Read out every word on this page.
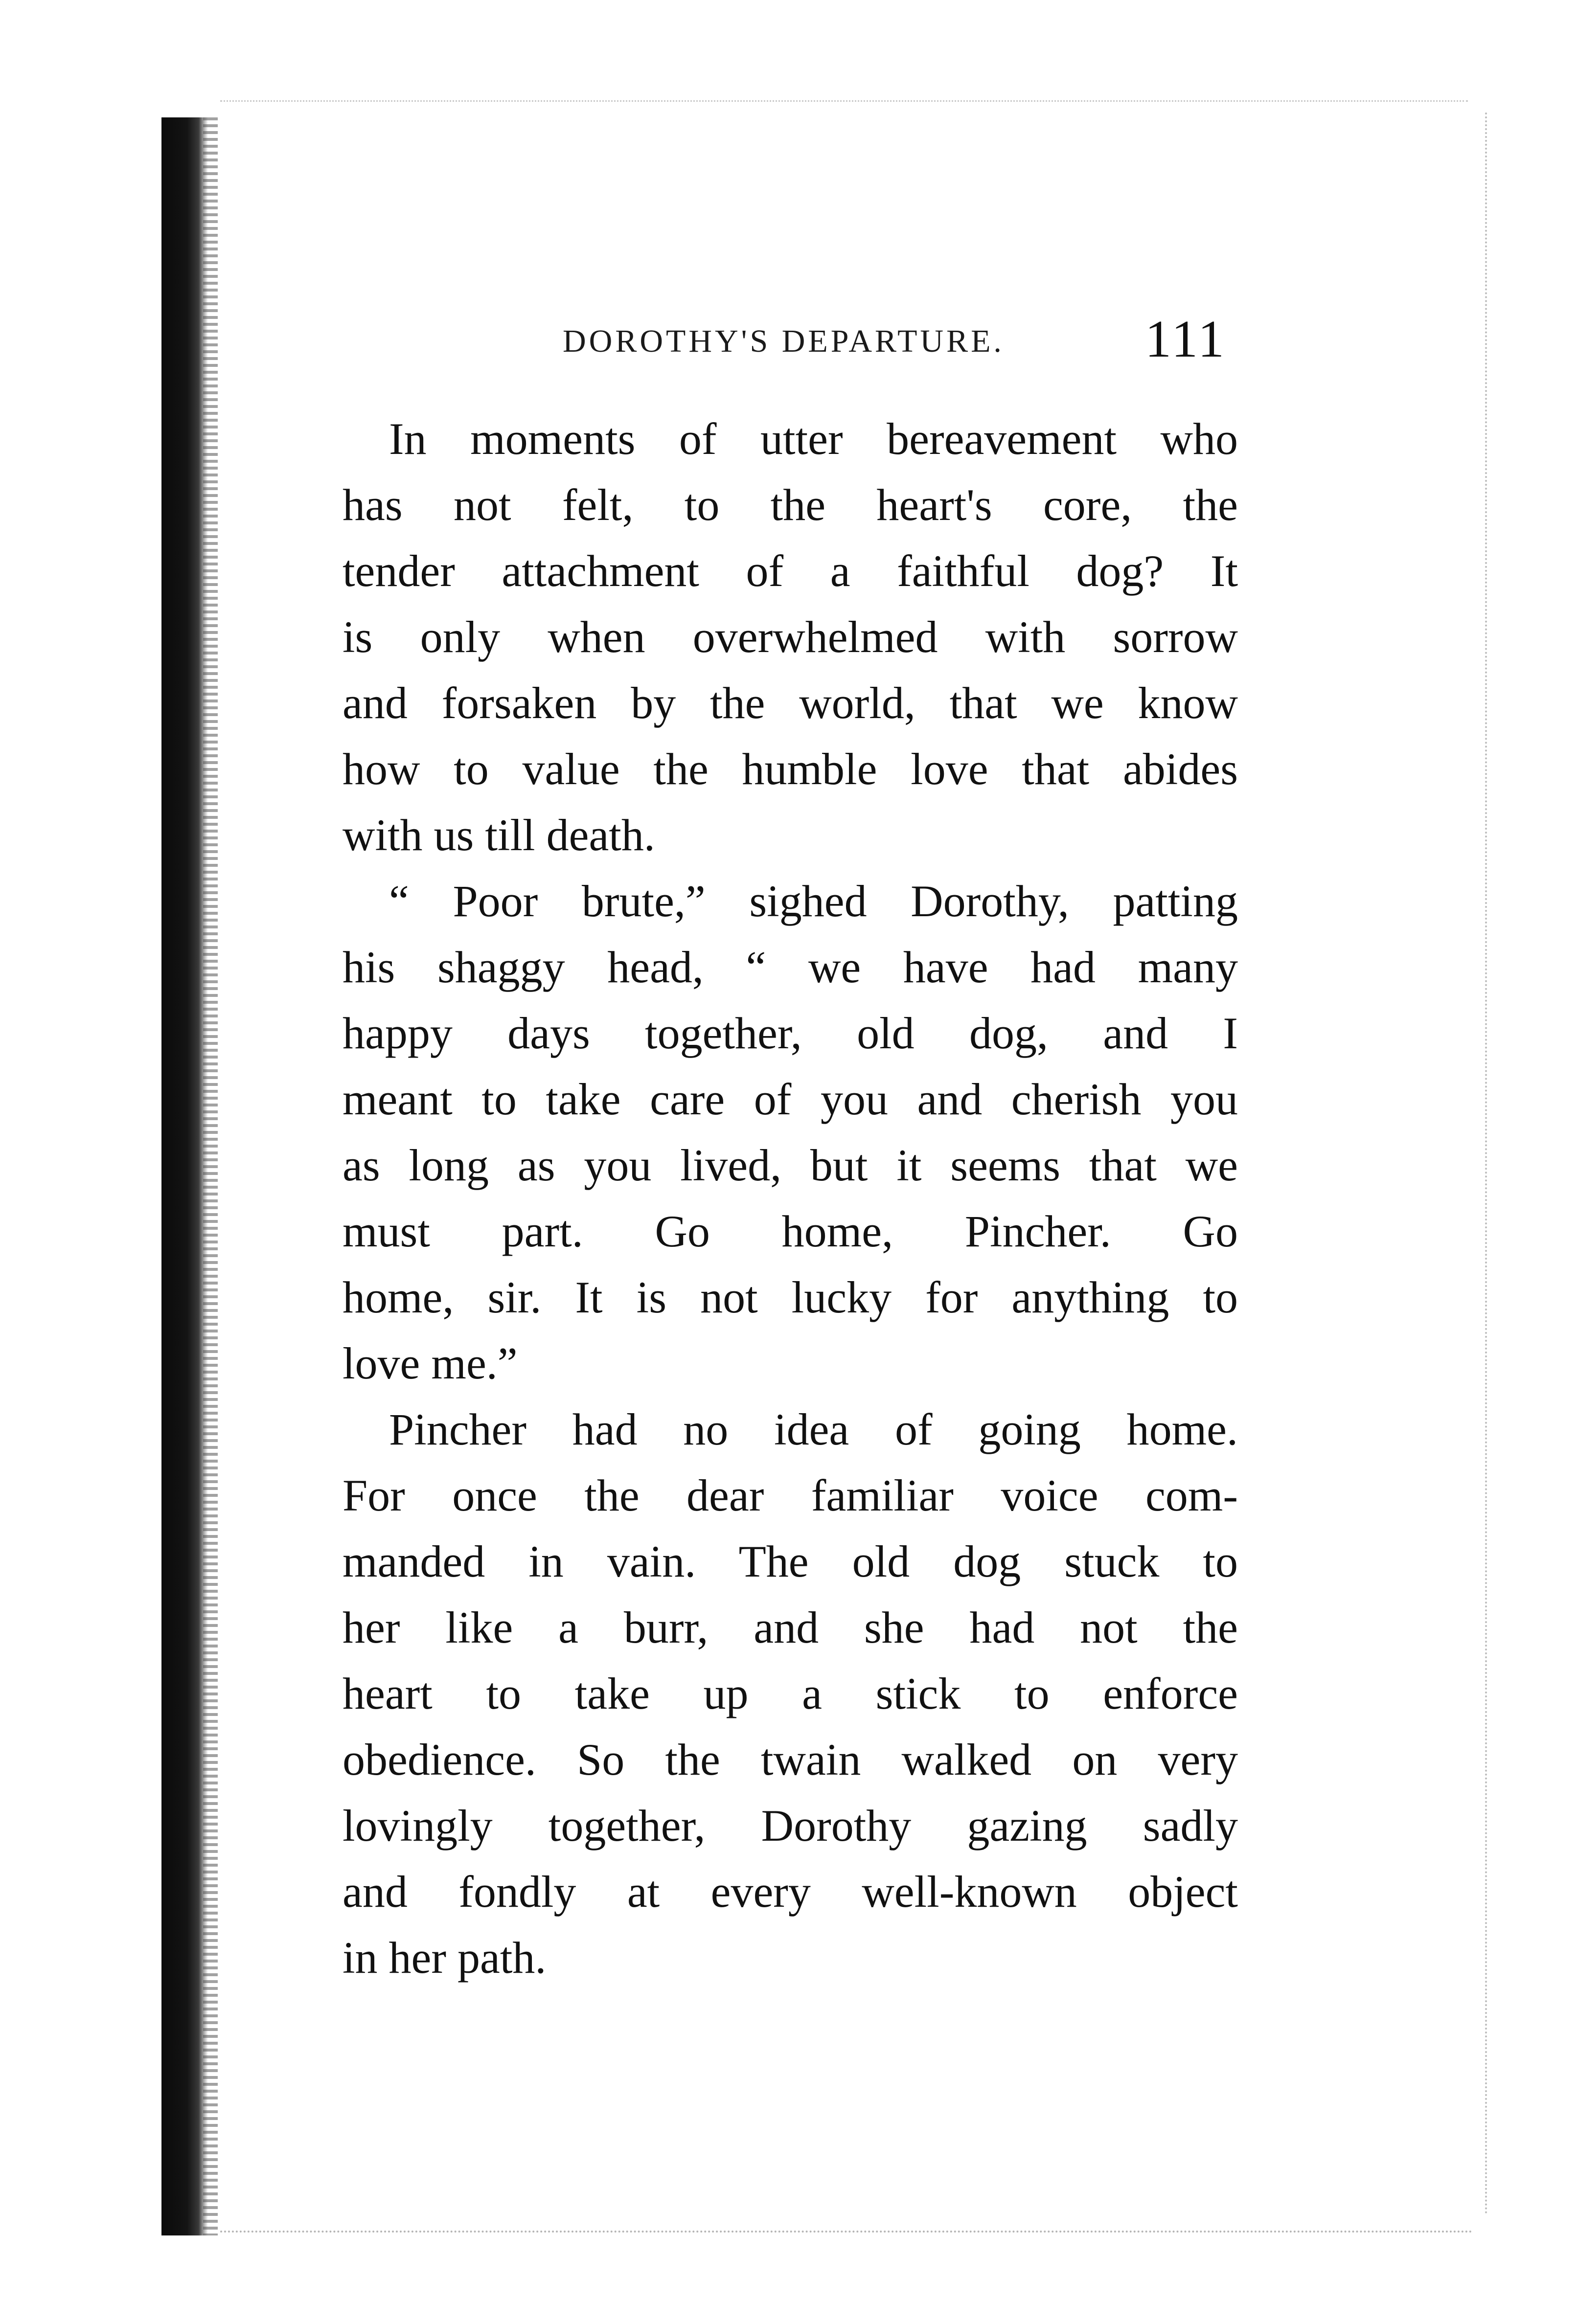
DOROTHY'S DEPARTURE.	111
In moments of utter bereavement who
has not felt, to the heart's core, the
tender attachment of a faithful dog? It
is only when overwhelmed with sorrow
and forsaken by the world, that we know
how to value the humble love that abides
with us till death.
“ Poor brute,” sighed Dorothy, patting
his shaggy head, “ we have had many
happy days together, old dog, and I
meant to take care of you and cherish you
as long as you lived, but it seems that we
must part. Go home, Pincher. Go
home, sir. It is not lucky for anything to
love me.”
Pincher had no idea of going home.
For once the dear familiar voice com-
manded in vain. The old dog stuck to
her like a burr, and she had not the
heart to take up a stick to enforce
obedience. So the twain walked on very
lovingly together, Dorothy gazing sadly
and fondly at every well-known object
in her path.
